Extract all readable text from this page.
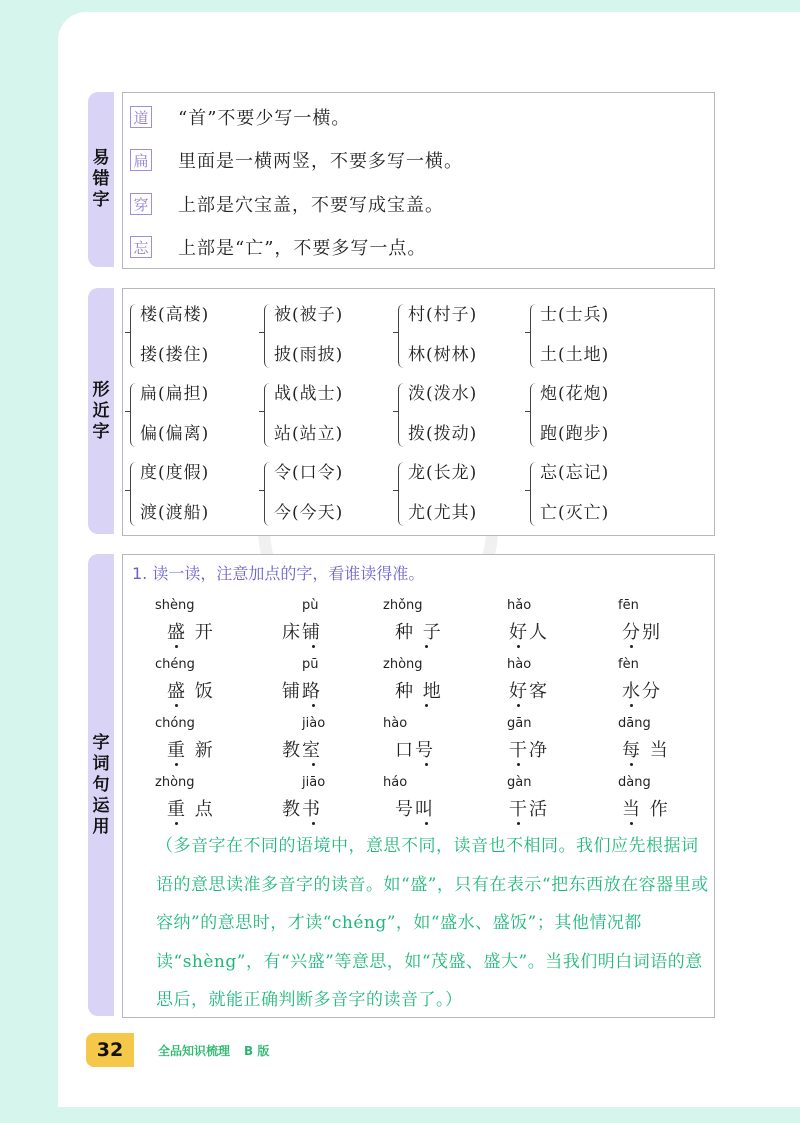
易
错
字
道 “首”不要少写一横。
扁 里面是一横两竖，不要多写一横。
穿 上部是穴宝盖，不要写成宝盖。
忘 上部是“亡”，不要多写一点。
形
近
字
楼(高楼)
搂(搂住)
被(被子)
披(雨披)
村(村子)
林(树林)
士(士兵)
土(土地)
扁(扁担)
偏(偏离)
战(战士)
站(站立)
泼(泼水)
拨(拨动)
炮(花炮)
跑(跑步)
度(度假)
渡(渡船)
令(口令)
今(今天)
龙(长龙)
尤(尤其)
忘(忘记)
亡(灭亡)
字
词
句
运
用
1. 读一读，注意加点的字，看谁读得准。
shèng
盛 开
pù
床铺
zhǒng
种 子
hǎo
好人
fēn
分别
chéng
盛 饭
pū
铺路
zhòng
种 地
hào
好客
fèn
水分
chóng
重 新
jiào
教室
hào
口号
gān
干净
dāng
每 当
zhòng
重 点
jiāo
教书
háo
号叫
gàn
干活
dàng
当 作
（多音字在不同的语境中，意思不同，读音也不相同。我们应先根据词语的意思读准多音字的读音。如“盛”，只有在表示“把东西放在容器里或容纳”的意思时，才读“chéng”，如“盛水、盛饭”；其他情况都读“shèng”，有“兴盛”等意思，如“茂盛、盛大”。当我们明白词语的意思后，就能正确判断多音字的读音了。）
32	全品知识梳理 B 版
